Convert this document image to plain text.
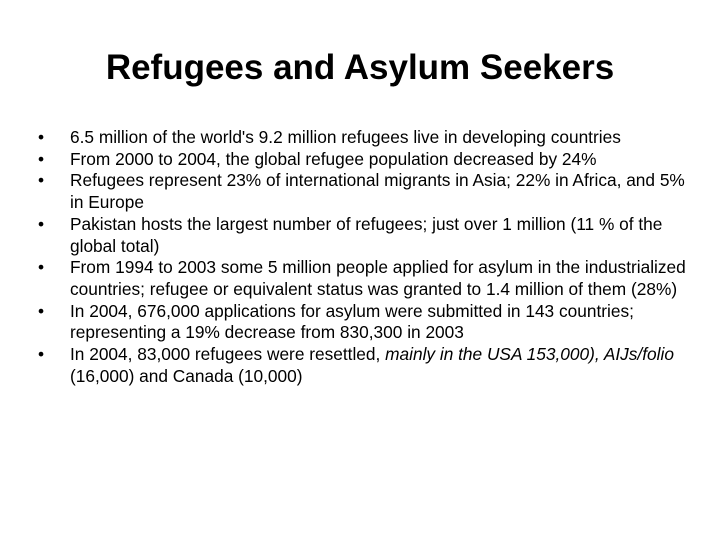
Refugees and Asylum Seekers
•	6.5 million of the world's 9.2 million refugees live in developing countries
•	From 2000 to 2004, the global refugee population decreased by 24%
•	Refugees represent 23% of international migrants in Asia; 22% in Africa, and 5% in Europe
•	Pakistan hosts the largest number of refugees; just over 1 million (11 % of the global total)
•	From 1994 to 2003 some 5 million people applied for asylum in the industrialized countries; refugee or equivalent status was granted to 1.4 million of them (28%)
•	In 2004, 676,000 applications for asylum were submitted in 143 countries; representing a 19% decrease from 830,300 in 2003
•	In 2004, 83,000 refugees were resettled, mainly in the USA 153,000), AIJs/folio (16,000) and Canada (10,000)
